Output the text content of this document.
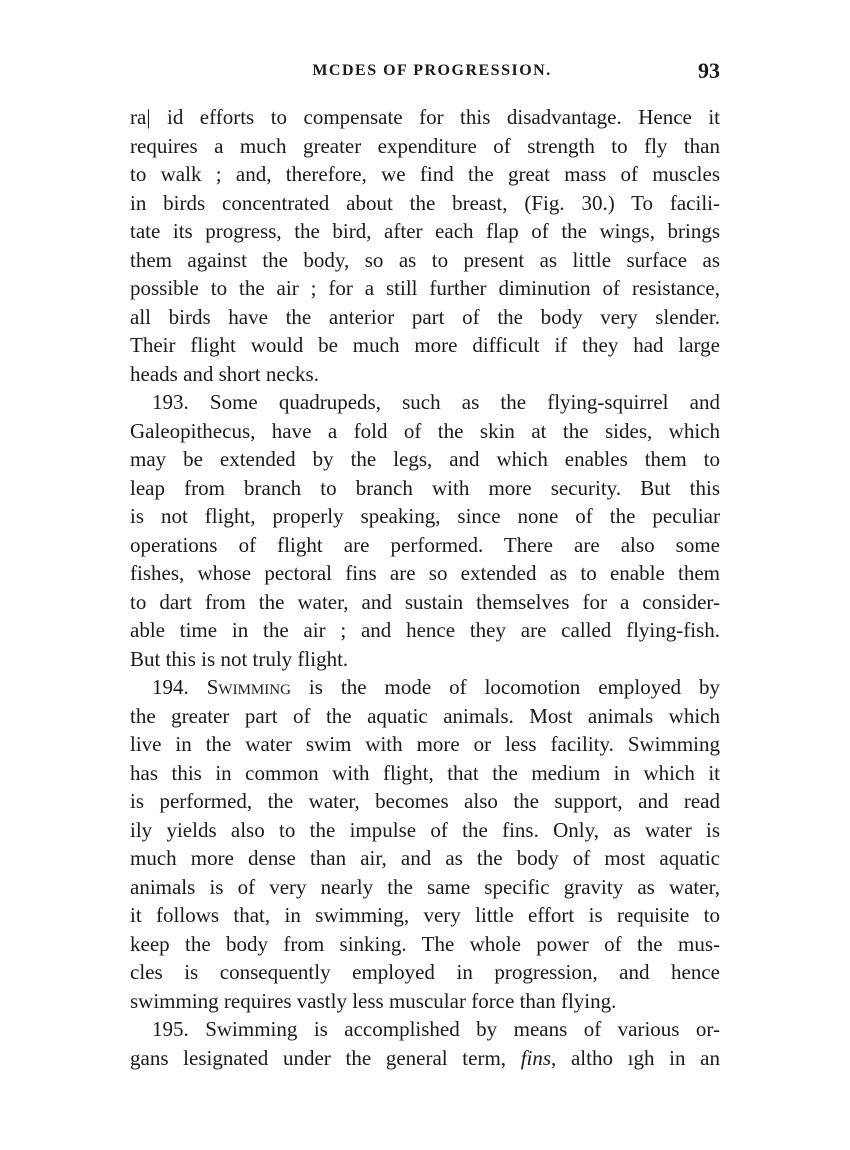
MCDES OF PROGRESSION.	93
ra| id efforts to compensate for this disadvantage. Hence it
requires a much greater expenditure of strength to fly than
to walk ; and, therefore, we find the great mass of muscles
in birds concentrated about the breast, (Fig. 30.) To facili-
tate its progress, the bird, after each flap of the wings, brings
them against the body, so as to present as little surface as
possible to the air ; for a still further diminution of resistance,
all birds have the anterior part of the body very slender.
Their flight would be much more difficult if they had large
heads and short necks.
193. Some quadrupeds, such as the flying-squirrel and
Galeopithecus, have a fold of the skin at the sides, which
may be extended by the legs, and which enables them to
leap from branch to branch with more security. But this
is not flight, properly speaking, since none of the peculiar
operations of flight are performed. There are also some
fishes, whose pectoral fins are so extended as to enable them
to dart from the water, and sustain themselves for a consider-
able time in the air ; and hence they are called flying-fish.
But this is not truly flight.
194. Swimming is the mode of locomotion employed by
the greater part of the aquatic animals. Most animals which
live in the water swim with more or less facility. Swimming
has this in common with flight, that the medium in which it
is performed, the water, becomes also the support, and read
ily yields also to the impulse of the fins. Only, as water is
much more dense than air, and as the body of most aquatic
animals is of very nearly the same specific gravity as water,
it follows that, in swimming, very little effort is requisite to
keep the body from sinking. The whole power of the mus-
cles is consequently employed in progression, and hence
swimming requires vastly less muscular force than flying.
195. Swimming is accomplished by means of various or-
gans lesignated under the general term, fins, altho ıgh in an
